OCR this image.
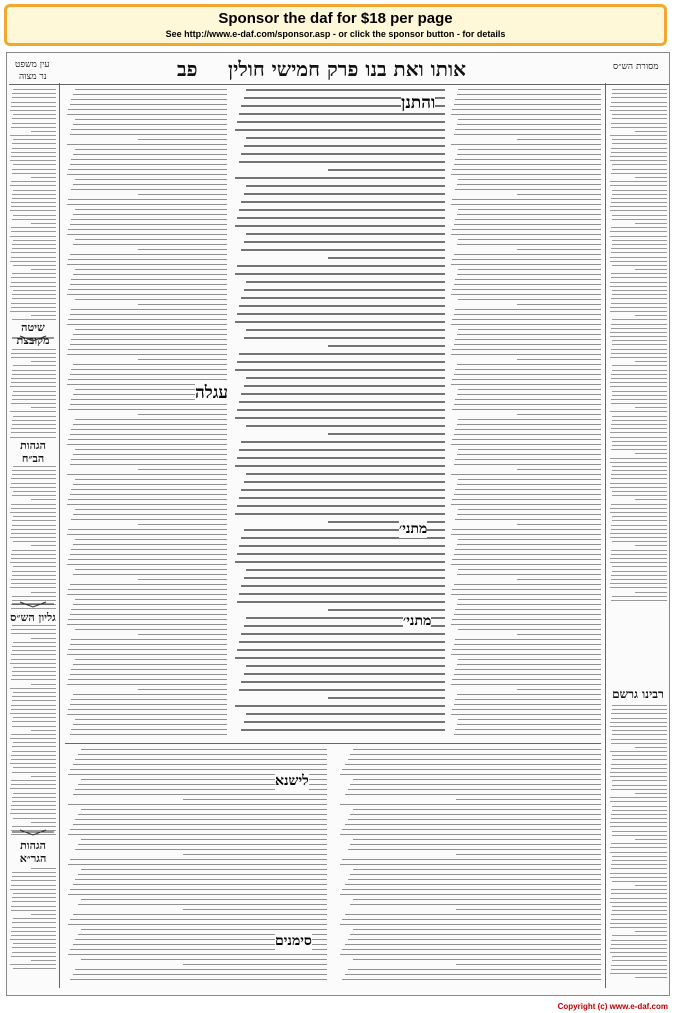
Sponsor the daf for $18 per page
See http://www.e-daf.com/sponsor.asp - or click the sponsor button - for details
עין משפט
נר מצוה	פב	אותו ואת בנו פרק חמישי חולין	מסורת הש״ס
שיטה מקובצת
הגהות הב״ח
גליון הש״ס
הגהות הגר״א
עגלה
והתנן
מתני׳
מתני׳
רבינו גרשם
לישנא
סימנים
Copyright (c) www.e-daf.com
